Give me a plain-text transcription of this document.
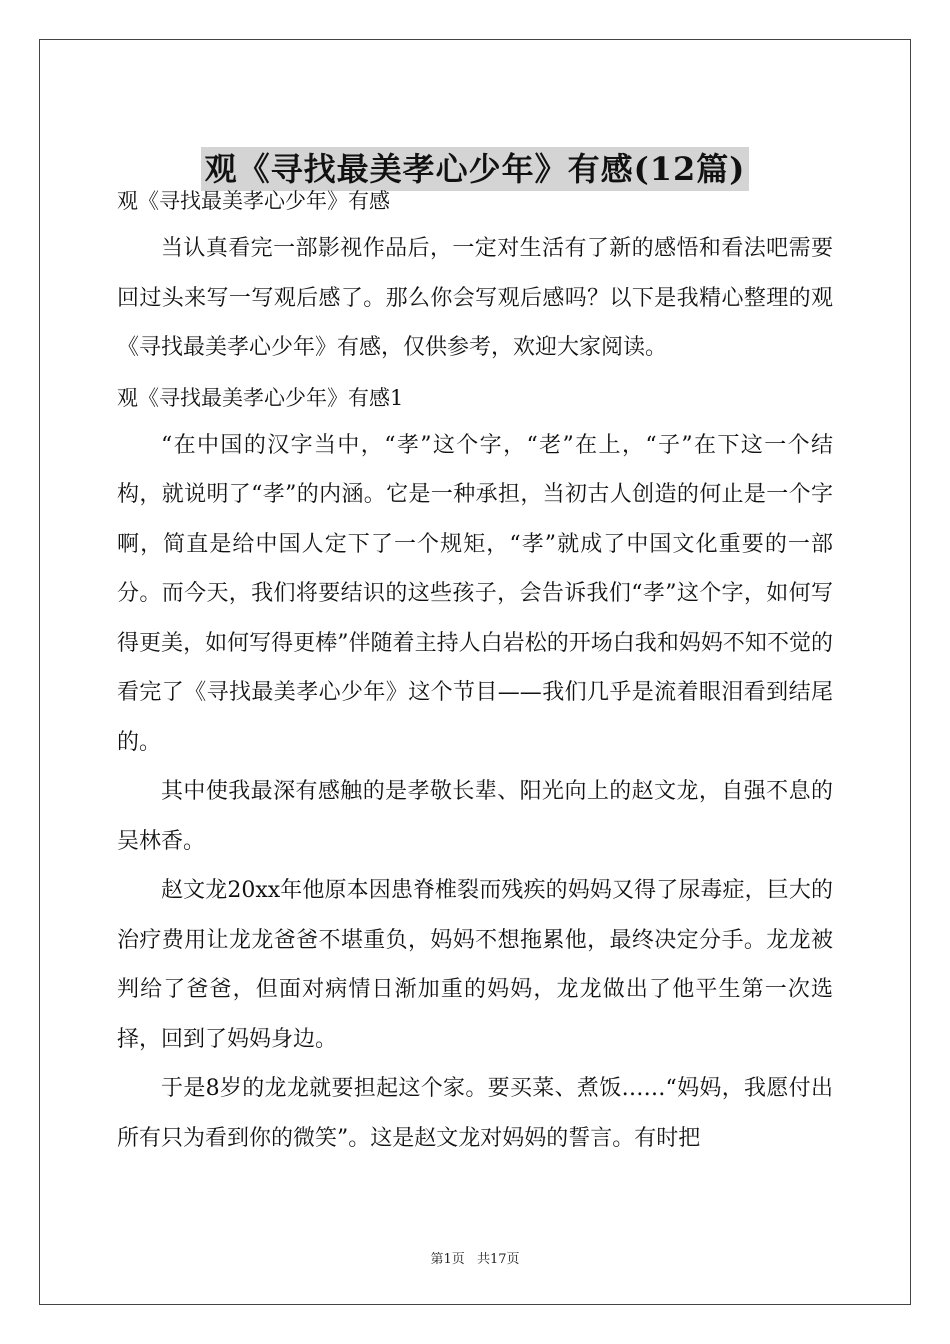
观《寻找最美孝心少年》有感(12篇)

观《寻找最美孝心少年》有感

当认真看完一部影视作品后，一定对生活有了新的感悟和看法吧需要回过头来写一写观后感了。那么你会写观后感吗？以下是我精心整理的观《寻找最美孝心少年》有感，仅供参考，欢迎大家阅读。

观《寻找最美孝心少年》有感1

“在中国的汉字当中，“孝”这个字，“老”在上，“子”在下这一个结构，就说明了“孝”的内涵。它是一种承担，当初古人创造的何止是一个字啊，简直是给中国人定下了一个规矩，“孝”就成了中国文化重要的一部分。而今天，我们将要结识的这些孩子，会告诉我们“孝”这个字，如何写得更美，如何写得更棒”伴随着主持人白岩松的开场白我和妈妈不知不觉的看完了《寻找最美孝心少年》这个节目——我们几乎是流着眼泪看到结尾的。

其中使我最深有感触的是孝敬长辈、阳光向上的赵文龙，自强不息的吴林香。

赵文龙20xx年他原本因患脊椎裂而残疾的妈妈又得了尿毒症，巨大的治疗费用让龙龙爸爸不堪重负，妈妈不想拖累他，最终决定分手。龙龙被判给了爸爸，但面对病情日渐加重的妈妈，龙龙做出了他平生第一次选择，回到了妈妈身边。

于是8岁的龙龙就要担起这个家。要买菜、煮饭……“妈妈，我愿付出所有只为看到你的微笑”。这是赵文龙对妈妈的誓言。有时把

第1页 共17页
